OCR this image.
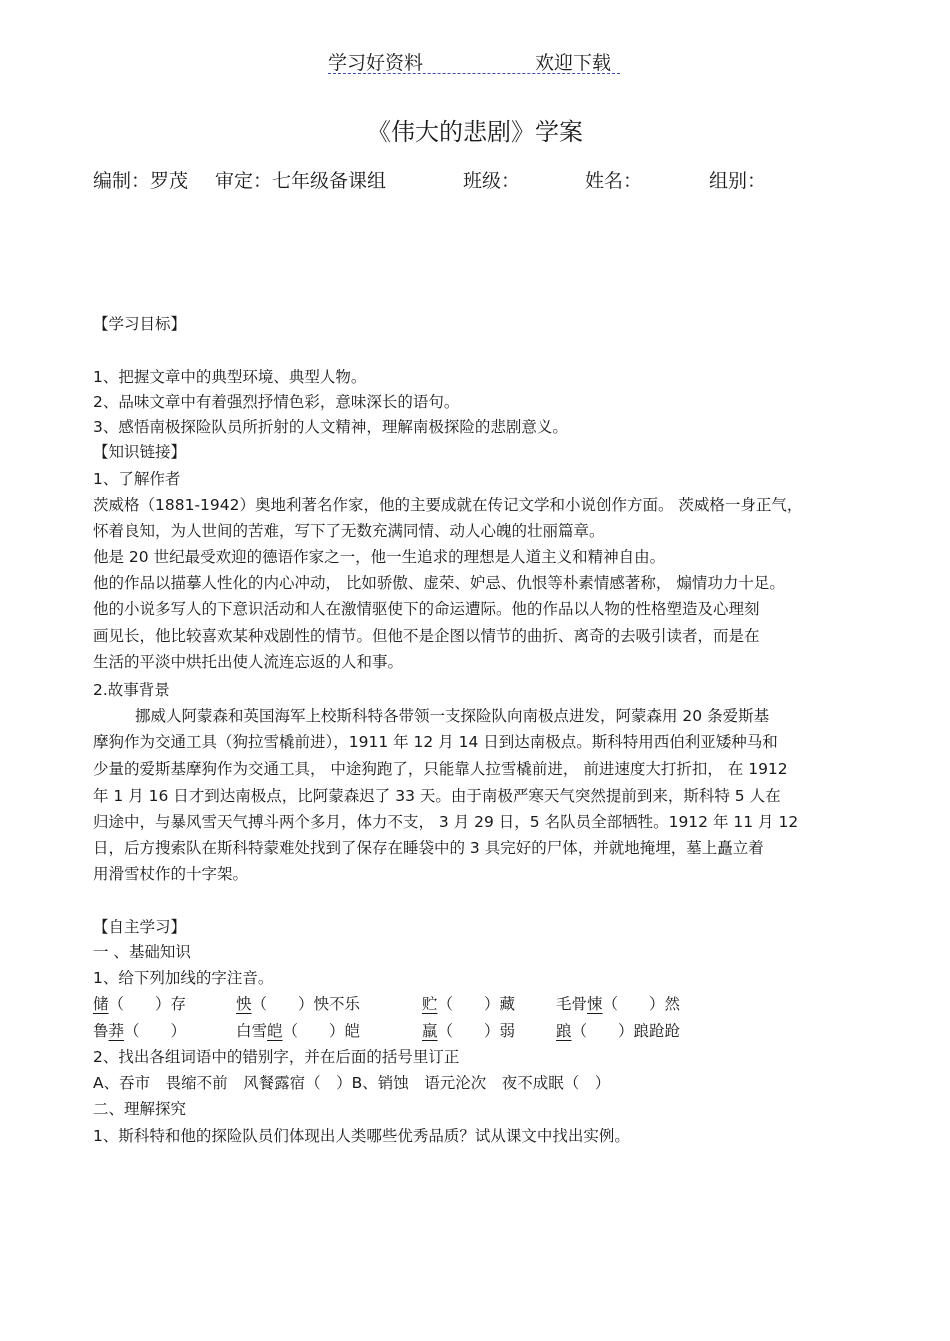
学习好资料	欢迎下载
《伟大的悲剧》学案
编制：罗茂 审定：七年级备课组	班级：	姓名：	组别：
【学习目标】
1、把握文章中的典型环境、典型人物。
2、品味文章中有着强烈抒情色彩，意味深长的语句。
3、感悟南极探险队员所折射的人文精神，理解南极探险的悲剧意义。
【知识链接】
1、了解作者
茨威格（1881-1942）奥地利著名作家，他的主要成就在传记文学和小说创作方面。 茨威格一身正气，
怀着良知，为人世间的苦难，写下了无数充满同情、动人心魄的壮丽篇章。
他是 20 世纪最受欢迎的德语作家之一，他一生追求的理想是人道主义和精神自由。
他的作品以描摹人性化的内心冲动， 比如骄傲、虚荣、妒忌、仇恨等朴素情感著称， 煽情功力十足。
他的小说多写人的下意识活动和人在激情驱使下的命运遭际。他的作品以人物的性格塑造及心理刻
画见长，他比较喜欢某种戏剧性的情节。但他不是企图以情节的曲折、离奇的去吸引读者，而是在
生活的平淡中烘托出使人流连忘返的人和事。
2.故事背景
挪威人阿蒙森和英国海军上校斯科特各带领一支探险队向南极点进发，阿蒙森用 20 条爱斯基
摩狗作为交通工具（狗拉雪橇前进），1911 年 12 月 14 日到达南极点。斯科特用西伯利亚矮种马和
少量的爱斯基摩狗作为交通工具， 中途狗跑了，只能靠人拉雪橇前进， 前进速度大打折扣， 在 1912
年 1 月 16 日才到达南极点，比阿蒙森迟了 33 天。由于南极严寒天气突然提前到来，斯科特 5 人在
归途中，与暴风雪天气搏斗两个多月，体力不支， 3 月 29 日，5 名队员全部牺牲。1912 年 11 月 12
日，后方搜索队在斯科特蒙难处找到了保存在睡袋中的 3 具完好的尸体，并就地掩埋，墓上矗立着
用滑雪杖作的十字架。
【自主学习】
一 、基础知识
1、给下列加线的字注音。
储（　　）存	怏（　　）怏不乐	贮（　　）藏	毛骨悚（　　）然
鲁莽（　　）	白雪皑（　　）皑	羸（　　）弱	踉（　　）踉跄跄
2、找出各组词语中的错别字，并在后面的括号里订正
A、吞市　畏缩不前　风餐露宿（　）B、销蚀　语元沦次　夜不成眠（　）
二、理解探究
1、斯科特和他的探险队员们体现出人类哪些优秀品质？试从课文中找出实例。
